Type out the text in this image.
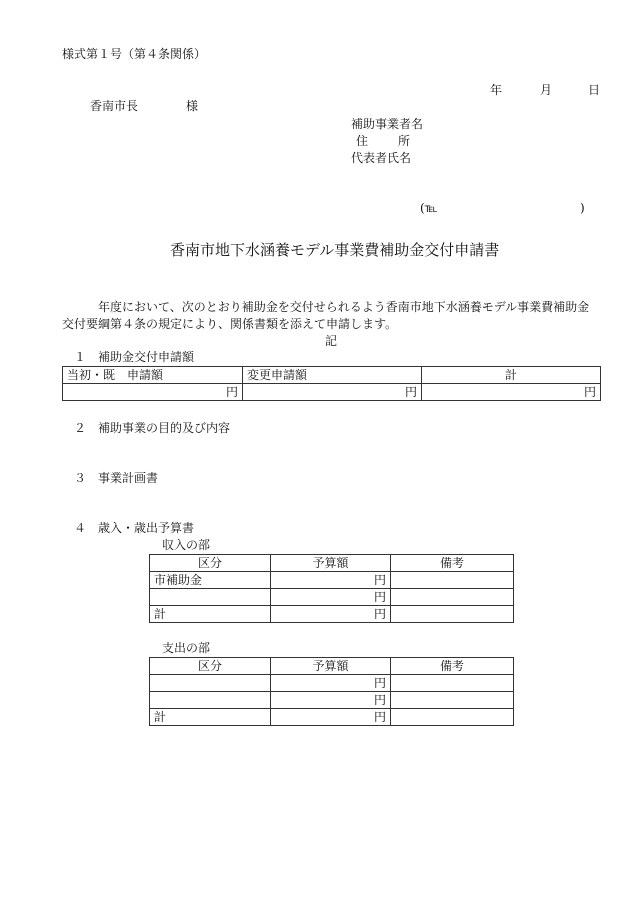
様式第１号（第４条関係）
年	月	日
香南市長	様
補助事業者名
住 所
代表者氏名
(℡	)
香南市地下水涵養モデル事業費補助金交付申請書
年度において、次のとおり補助金を交付せられるよう香南市地下水涵養モデル事業費補助金
交付要綱第４条の規定により、関係書類を添えて申請します。
記
１　補助金交付申請額
当初・既　申請額	変更申請額	計
円	円	円
２　補助事業の目的及び内容
３　事業計画書
４　歳入・歳出予算書
収入の部
区分	予算額	備考
市補助金	円	
	円	
計	円	
支出の部
区分	予算額	備考
	円	
	円	
計	円	
